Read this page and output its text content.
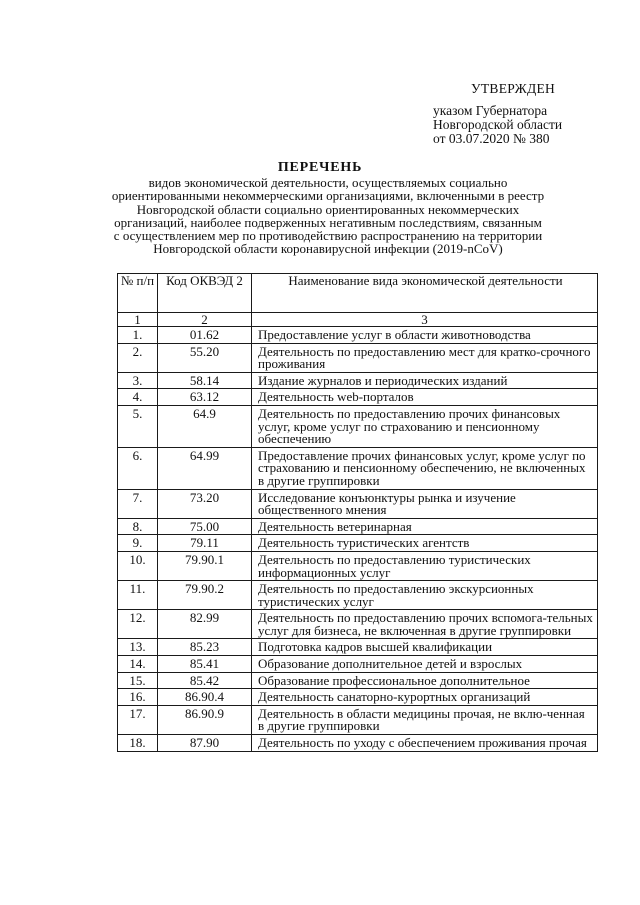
УТВЕРЖДЕН
указом Губернатора
Новгородской области
от 03.07.2020 № 380
ПЕРЕЧЕНЬ
видов экономической деятельности, осуществляемых социально
ориентированными некоммерческими организациями, включенными в реестр
Новгородской области социально ориентированных некоммерческих
организаций, наиболее подверженных негативным последствиям, связанным
с осуществлением мер по противодействию распространению на территории
Новгородской области коронавирусной инфекции (2019-nCoV)
№ п/п	Код ОКВЭД 2	Наименование вида экономической деятельности
1	2	3
1.	01.62	Предоставление услуг в области животноводства
2.	55.20	Деятельность по предоставлению мест для кратко-срочного проживания
3.	58.14	Издание журналов и периодических изданий
4.	63.12	Деятельность web-порталов
5.	64.9	Деятельность по предоставлению прочих финансовых услуг, кроме услуг по страхованию и пенсионному обеспечению
6.	64.99	Предоставление прочих финансовых услуг, кроме услуг по страхованию и пенсионному обеспечению, не включенных в другие группировки
7.	73.20	Исследование конъюнктуры рынка и изучение общественного мнения
8.	75.00	Деятельность ветеринарная
9.	79.11	Деятельность туристических агентств
10.	79.90.1	Деятельность по предоставлению туристических информационных услуг
11.	79.90.2	Деятельность по предоставлению экскурсионных туристических услуг
12.	82.99	Деятельность по предоставлению прочих вспомога-тельных услуг для бизнеса, не включенная в другие группировки
13.	85.23	Подготовка кадров высшей квалификации
14.	85.41	Образование дополнительное детей и взрослых
15.	85.42	Образование профессиональное дополнительное
16.	86.90.4	Деятельность санаторно-курортных организаций
17.	86.90.9	Деятельность в области медицины прочая, не вклю-ченная в другие группировки
18.	87.90	Деятельность по уходу с обеспечением проживания прочая
